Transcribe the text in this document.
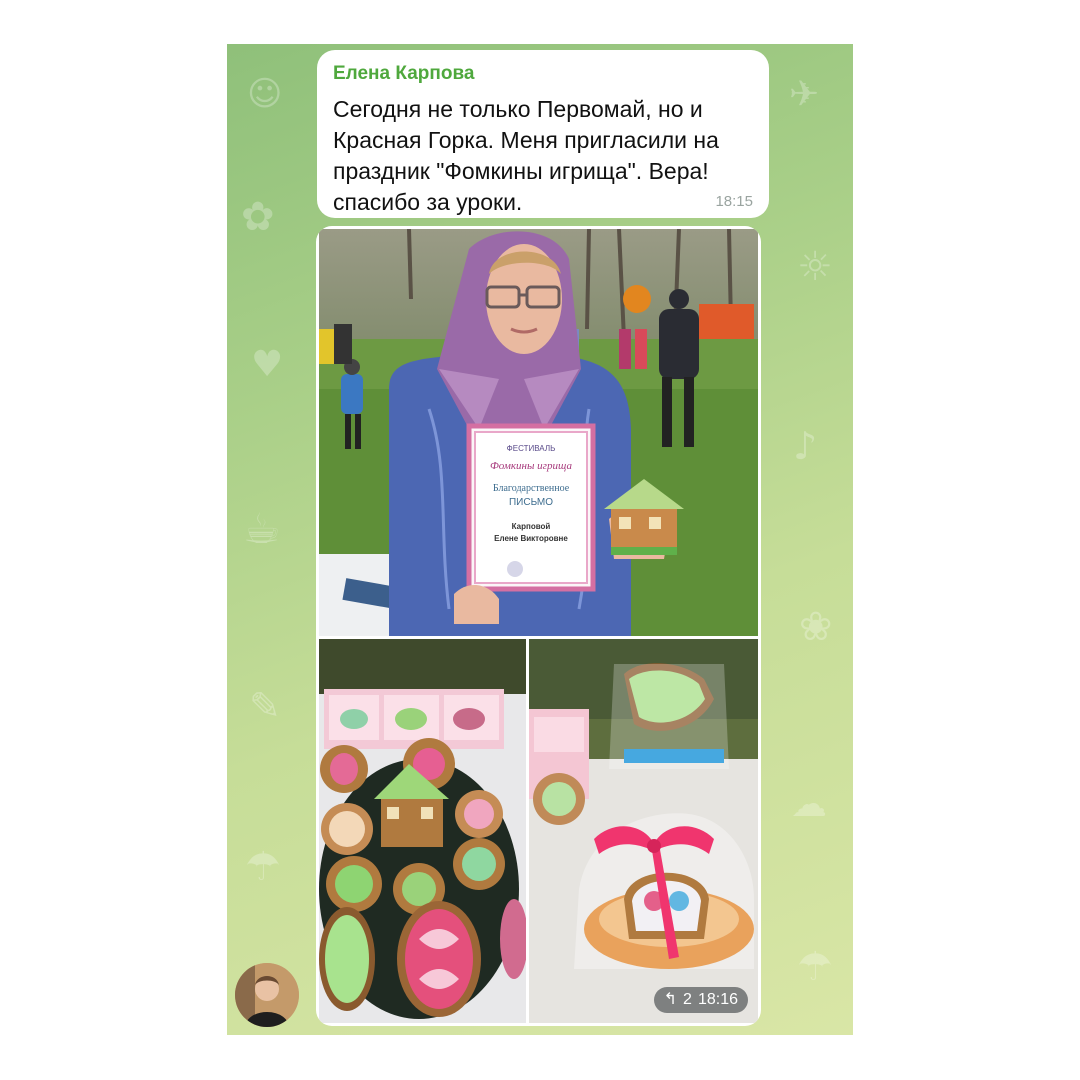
☺
✿
♥
☕
✎
☂
✈
☼
♪
❀
☁
☂
Елена Карпова
Сегодня не только Первомай, но и
Красная Горка. Меня пригласили на
праздник "Фомкины игрища". Вера!
спасибо за уроки.	18:15
ФЕСТИВАЛЬ
Фомкины игрища
Благодарственное
ПИСЬМО
Карповой
Елене Викторовне
↰ 2 18:16
